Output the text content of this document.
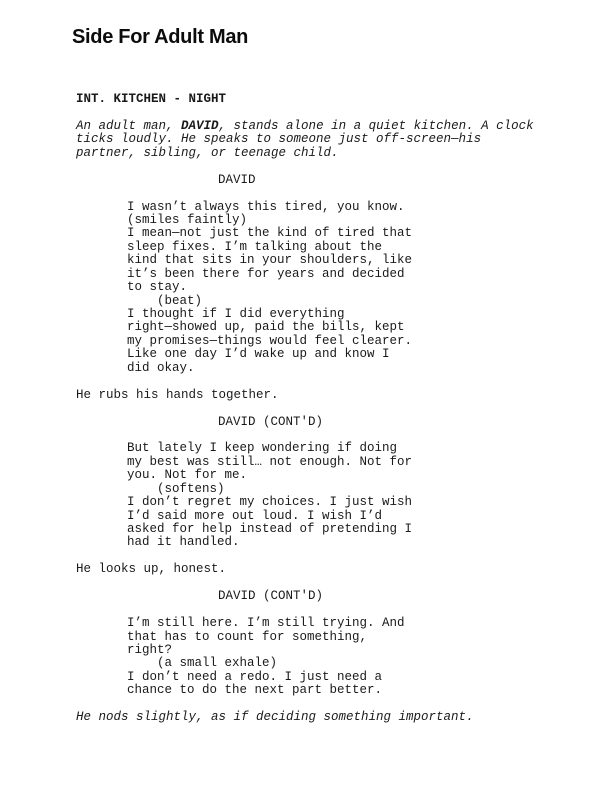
Side For Adult Man
INT. KITCHEN - NIGHT
An adult man, DAVID, stands alone in a quiet kitchen. A clock
ticks loudly. He speaks to someone just off-screen—his
partner, sibling, or teenage child.
DAVID
I wasn’t always this tired, you know.
(smiles faintly)
I mean—not just the kind of tired that
sleep fixes. I’m talking about the
kind that sits in your shoulders, like
it’s been there for years and decided
to stay.
(beat)
I thought if I did everything
right—showed up, paid the bills, kept
my promises—things would feel clearer.
Like one day I’d wake up and know I
did okay.
He rubs his hands together.
DAVID (CONT'D)
But lately I keep wondering if doing
my best was still… not enough. Not for
you. Not for me.
(softens)
I don’t regret my choices. I just wish
I’d said more out loud. I wish I’d
asked for help instead of pretending I
had it handled.
He looks up, honest.
DAVID (CONT'D)
I’m still here. I’m still trying. And
that has to count for something,
right?
(a small exhale)
I don’t need a redo. I just need a
chance to do the next part better.
He nods slightly, as if deciding something important.
